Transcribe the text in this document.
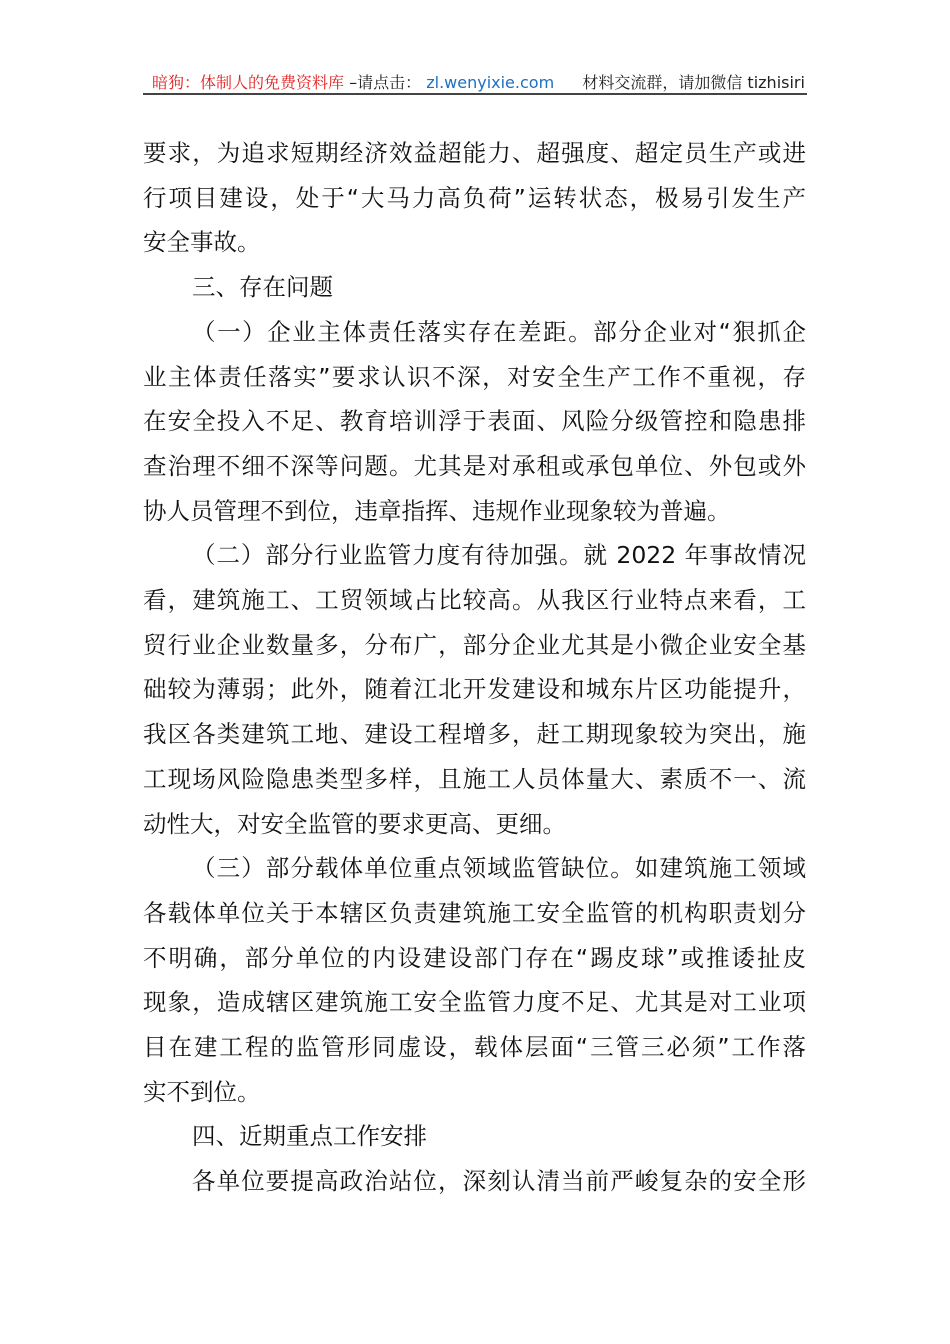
暗狗：体制人的免费资料库 –请点击： zl.wenyixie.com 材料交流群，请加微信 tizhisiri
要求，为追求短期经济效益超能力、超强度、超定员生产或进
行项目建设，处于“大马力高负荷”运转状态，极易引发生产
安全事故。
三、存在问题
（一）企业主体责任落实存在差距。部分企业对“狠抓企
业主体责任落实”要求认识不深，对安全生产工作不重视，存
在安全投入不足、教育培训浮于表面、风险分级管控和隐患排
查治理不细不深等问题。尤其是对承租或承包单位、外包或外
协人员管理不到位，违章指挥、违规作业现象较为普遍。
（二）部分行业监管力度有待加强。就 2022 年事故情况
看，建筑施工、工贸领域占比较高。从我区行业特点来看，工
贸行业企业数量多，分布广，部分企业尤其是小微企业安全基
础较为薄弱；此外，随着江北开发建设和城东片区功能提升，
我区各类建筑工地、建设工程增多，赶工期现象较为突出，施
工现场风险隐患类型多样，且施工人员体量大、素质不一、流
动性大，对安全监管的要求更高、更细。
（三）部分载体单位重点领域监管缺位。如建筑施工领域
各载体单位关于本辖区负责建筑施工安全监管的机构职责划分
不明确，部分单位的内设建设部门存在“踢皮球”或推诿扯皮
现象，造成辖区建筑施工安全监管力度不足、尤其是对工业项
目在建工程的监管形同虚设，载体层面“三管三必须”工作落
实不到位。
四、近期重点工作安排
各单位要提高政治站位，深刻认清当前严峻复杂的安全形
